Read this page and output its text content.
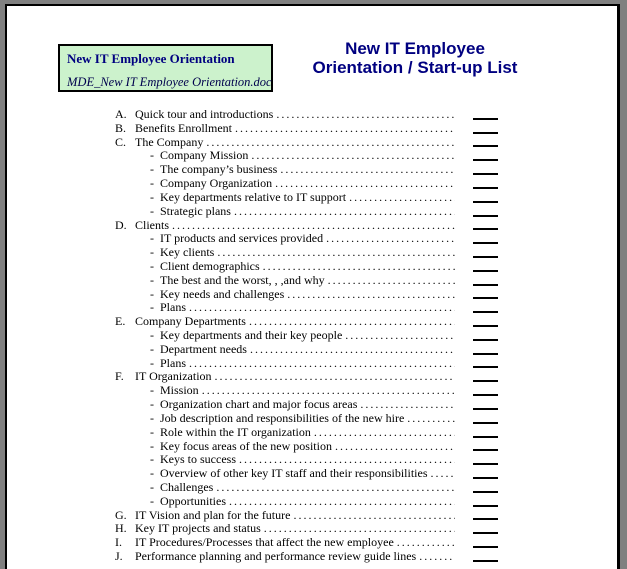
New IT Employee Orientation
MDE_New IT Employee Orientation.doc
New IT Employee
Orientation / Start-up List
A. Quick tour and introductions
.....
B. Benefits Enrollment
.....
C. The Company
.....
- Company Mission
.....
- The company’s business
.....
- Company Organization
.....
- Key departments relative to IT support
.....
- Strategic plans
.....
D. Clients
.....
- IT products and services provided
.....
- Key clients
.....
- Client demographics
.....
- The best and the worst, , ,and why
.....
- Key needs and challenges
.....
- Plans
.....
E. Company Departments
.....
- Key departments and their key people
.....
- Department needs
.....
- Plans
.....
F. IT Organization
.....
- Mission
.....
- Organization chart and major focus areas
.....
- Job description and responsibilities of the new hire
.....
- Role within the IT organization
.....
- Key focus areas of the new position
.....
- Keys to success
.....
- Overview of other key IT staff and their responsibilities
.....
- Challenges
.....
- Opportunities
.....
G. IT Vision and plan for the future
.....
H. Key IT projects and status
.....
I.	IT Procedures/Processes that affect the new employee
.....
J.	Performance planning and performance review guide lines
.....
